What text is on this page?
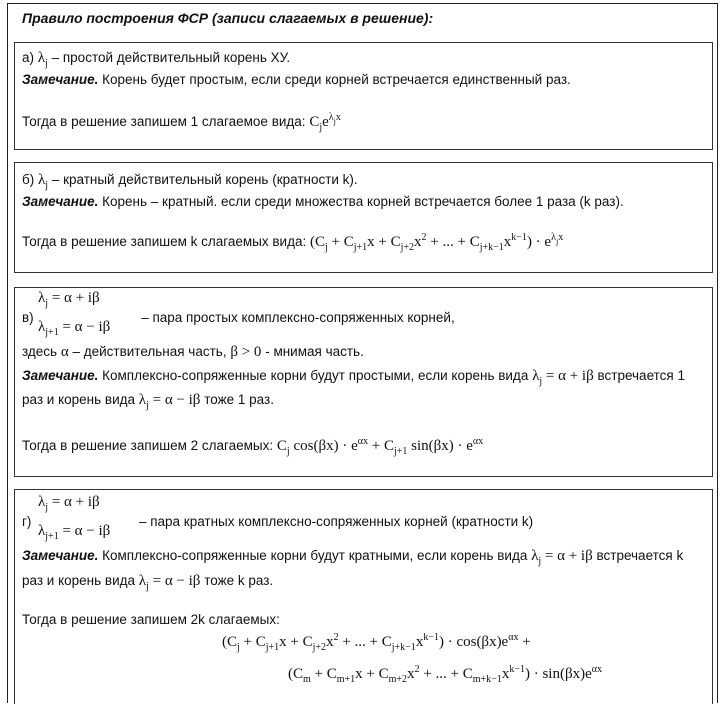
Правило построения ФСР (записи слагаемых в решение):
а) $\lambda_j$ – простой действительный корень ХУ.
Замечание. Корень будет простым, если среди корней встречается единственный раз.
Тогда в решение запишем 1 слагаемое вида: $C_je^{\lambda_jx}$
б) $\lambda_j$ – кратный действительный корень (кратности k).
Замечание. Корень – кратный. если среди множества корней встречается более 1 раза (k раз).
Тогда в решение запишем k слагаемых вида: ($C_j + C_{j+1}x + C_{j+2}x^2$ + ... + $C_{j+k-1}x^{k-1}) \cdot e^{\lambda_jx}$
$\lambda_j = \alpha + i\beta$
в)	– пара простых комплексно-сопряженных корней,
$\lambda_{j+1} = \alpha - i\beta$
здесь α – действительная часть, β > 0 - мнимая часть.
Замечание. Комплексно-сопряженные корни будут простыми, если корень вида $\lambda_j = \alpha + i\beta$ встречается 1
раз и корень вида $\lambda_j = \alpha - i\beta$ тоже 1 раз.
Тогда в решение запишем 2 слагаемых: $C_j$ $\cos(\beta x) \cdot e^{\alpha x} + C_{j+1}$ $\sin(\beta x) \cdot e^{\alpha x}$
$\lambda_j = \alpha + i\beta$
г)	– пара кратных комплексно-сопряженных корней (кратности k)
$\lambda_{j+1} = \alpha - i\beta$
Замечание. Комплексно-сопряженные корни будут кратными, если корень вида $\lambda_j = \alpha + i\beta$ встречается k
раз и корень вида $\lambda_j = \alpha - i\beta$ тоже k раз.
Тогда в решение запишем 2k слагаемых:
($C_j + C_{j+1}x + C_{j+2}x^2$ + ... + $C_{j+k-1}x^{k-1}) \cdot \cos(\beta x)e^{\alpha x}$ +
($C_m + C_{m+1}x + C_{m+2}x^2$ + ... + $C_{m+k-1}x^{k-1}) \cdot \sin(\beta x)e^{\alpha x}$
